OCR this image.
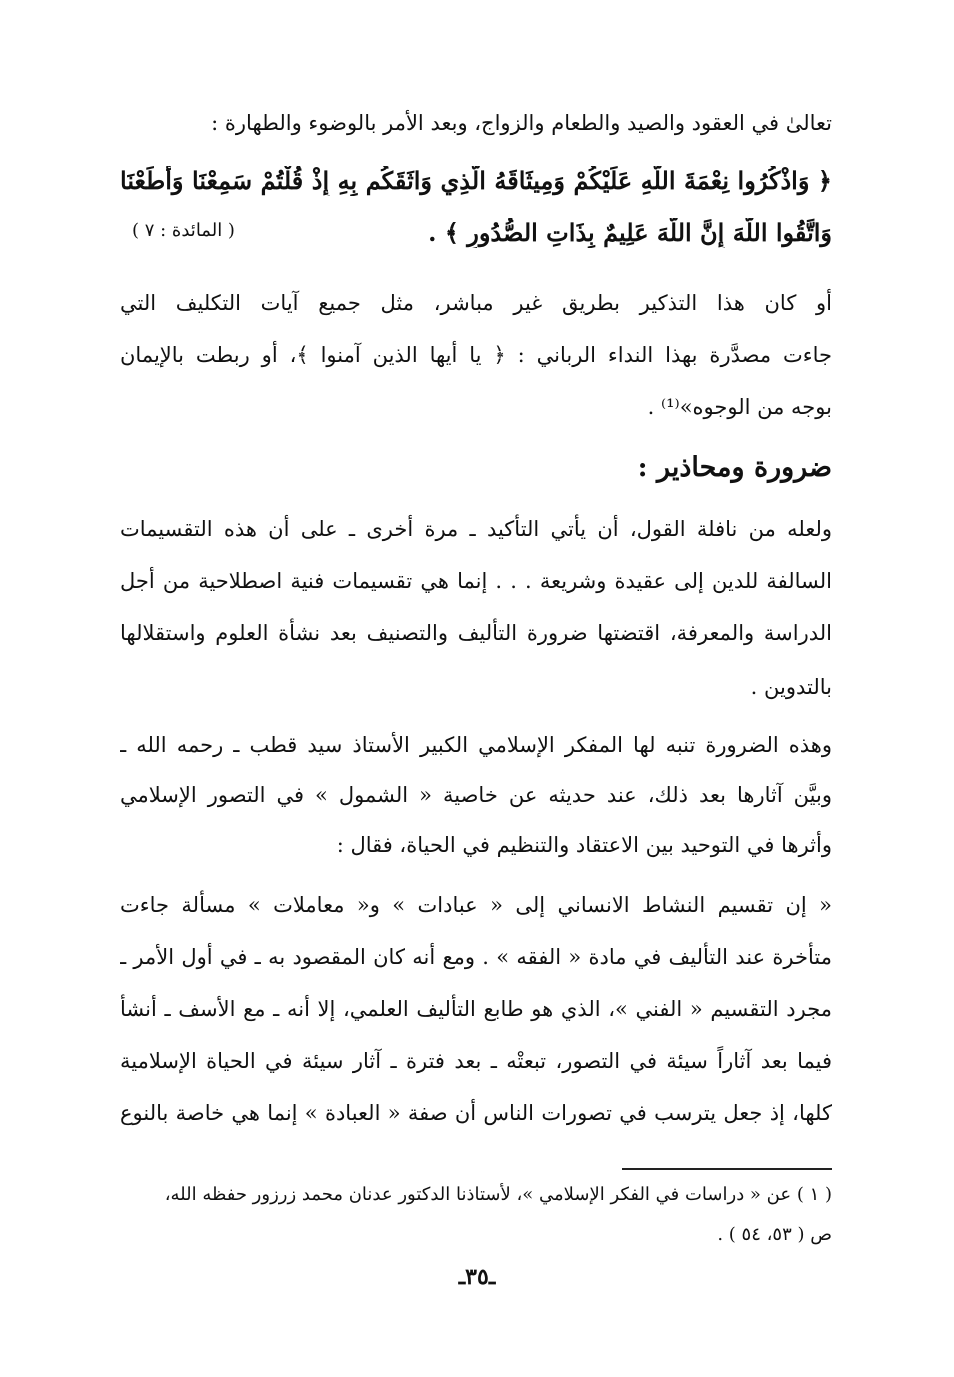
تعالىٰ في العقود والصيد والطعام والزواج، وبعد الأمر بالوضوء والطهارة :
﴿ وَاذْكُرُوا نِعْمَةَ اللَّهِ عَلَيْكُمْ وَمِيثَاقَهُ الَّذِي وَاثَقَكُم بِهِ إِذْ قُلْتُمْ سَمِعْنَا وَأَطَعْنَا
وَاتَّقُوا اللَّهَ إِنَّ اللَّهَ عَلِيمٌ بِذَاتِ الصُّدُورِ ﴾ .
( المائدة : ٧ )
أو كان هذا التذكير بطريق غير مباشر، مثل جميع آيات التكليف التي
جاءت مصدَّرة بهذا النداء الرباني : ﴿ يا أيها الذين آمنوا ﴾، أو ربطت بالإيمان
بوجه من الوجوه»⁽¹⁾ .
ضرورة ومحاذير :
ولعله من نافلة القول، أن يأتي التأكيد ـ مرة أخرى ـ على أن هذه التقسيمات
السالفة للدين إلى عقيدة وشريعة . . . إنما هي تقسيمات فنية اصطلاحية من أجل
الدراسة والمعرفة، اقتضتها ضرورة التأليف والتصنيف بعد نشأة العلوم واستقلالها
بالتدوين .
وهذه الضرورة تنبه لها المفكر الإسلامي الكبير الأستاذ سيد قطب ـ رحمه الله ـ
وبيَّن آثارها بعد ذلك، عند حديثه عن خاصية « الشمول » في التصور الإسلامي
وأثرها في التوحيد بين الاعتقاد والتنظيم في الحياة، فقال :
« إن تقسيم النشاط الانساني إلى « عبادات » و« معاملات » مسألة جاءت
متأخرة عند التأليف في مادة « الفقه » . ومع أنه كان المقصود به ـ في أول الأمر ـ
مجرد التقسيم « الفني »، الذي هو طابع التأليف العلمي، إلا أنه ـ مع الأسف ـ أنشأ
فيما بعد آثاراً سيئة في التصور، تبعتْه ـ بعد فترة ـ آثار سيئة في الحياة الإسلامية
كلها، إذ جعل يترسب في تصورات الناس أن صفة « العبادة » إنما هي خاصة بالنوع
( ١ ) عن « دراسات في الفكر الإسلامي »، لأستاذنا الدكتور عدنان محمد زرزور حفظه الله،
ص ( ٥٣، ٥٤ ) .
ـ٣٥ـ
